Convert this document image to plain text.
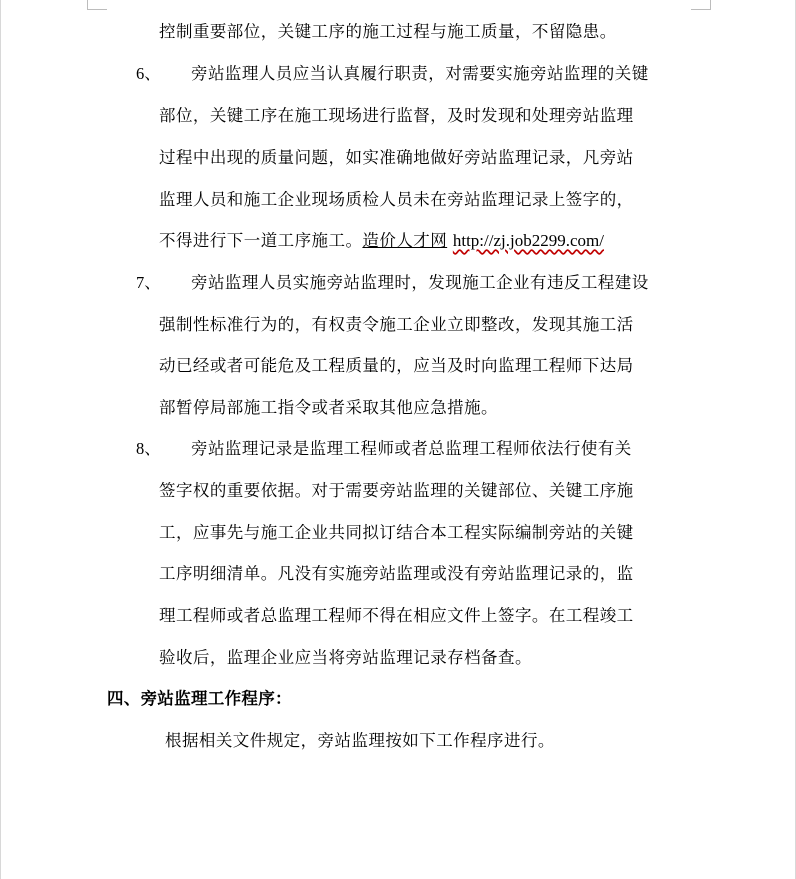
控制重要部位，关键工序的施工过程与施工质量，不留隐患。
6、 旁站监理人员应当认真履行职责，对需要实施旁站监理的关键
部位，关键工序在施工现场进行监督，及时发现和处理旁站监理
过程中出现的质量问题，如实准确地做好旁站监理记录，凡旁站
监理人员和施工企业现场质检人员未在旁站监理记录上签字的，
不得进行下一道工序施工。造价人才网 http://zj.job2299.com/
7、 旁站监理人员实施旁站监理时，发现施工企业有违反工程建设
强制性标准行为的，有权责令施工企业立即整改，发现其施工活
动已经或者可能危及工程质量的，应当及时向监理工程师下达局
部暂停局部施工指令或者采取其他应急措施。
8、 旁站监理记录是监理工程师或者总监理工程师依法行使有关
签字权的重要依据。对于需要旁站监理的关键部位、关键工序施
工，应事先与施工企业共同拟订结合本工程实际编制旁站的关键
工序明细清单。凡没有实施旁站监理或没有旁站监理记录的，监
理工程师或者总监理工程师不得在相应文件上签字。在工程竣工
验收后，监理企业应当将旁站监理记录存档备查。
四、旁站监理工作程序：
根据相关文件规定，旁站监理按如下工作程序进行。
